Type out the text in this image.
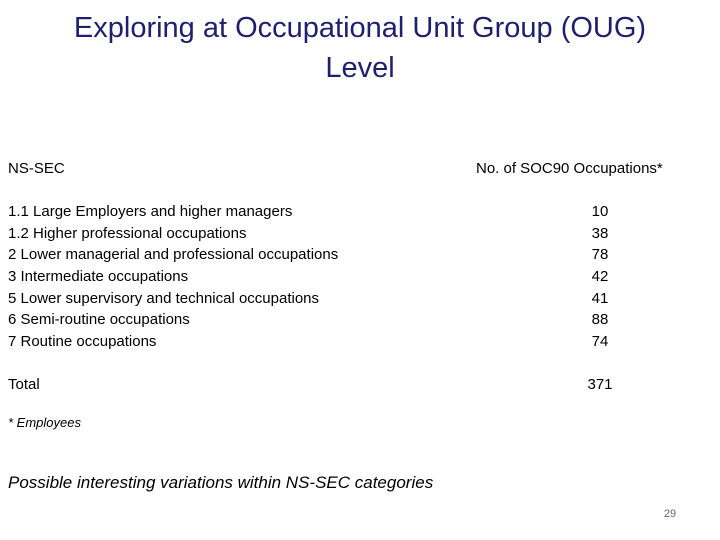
Exploring at Occupational Unit Group (OUG)
Level
NS-SEC	No. of SOC90 Occupations*
1.1 Large Employers and higher managers	10
1.2 Higher professional occupations	38
2 Lower managerial and professional occupations	78
3 Intermediate occupations	42
5 Lower supervisory and technical occupations	41
6 Semi-routine occupations	88
7 Routine occupations	74
Total	371
* Employees
Possible interesting variations within NS-SEC categories
29
